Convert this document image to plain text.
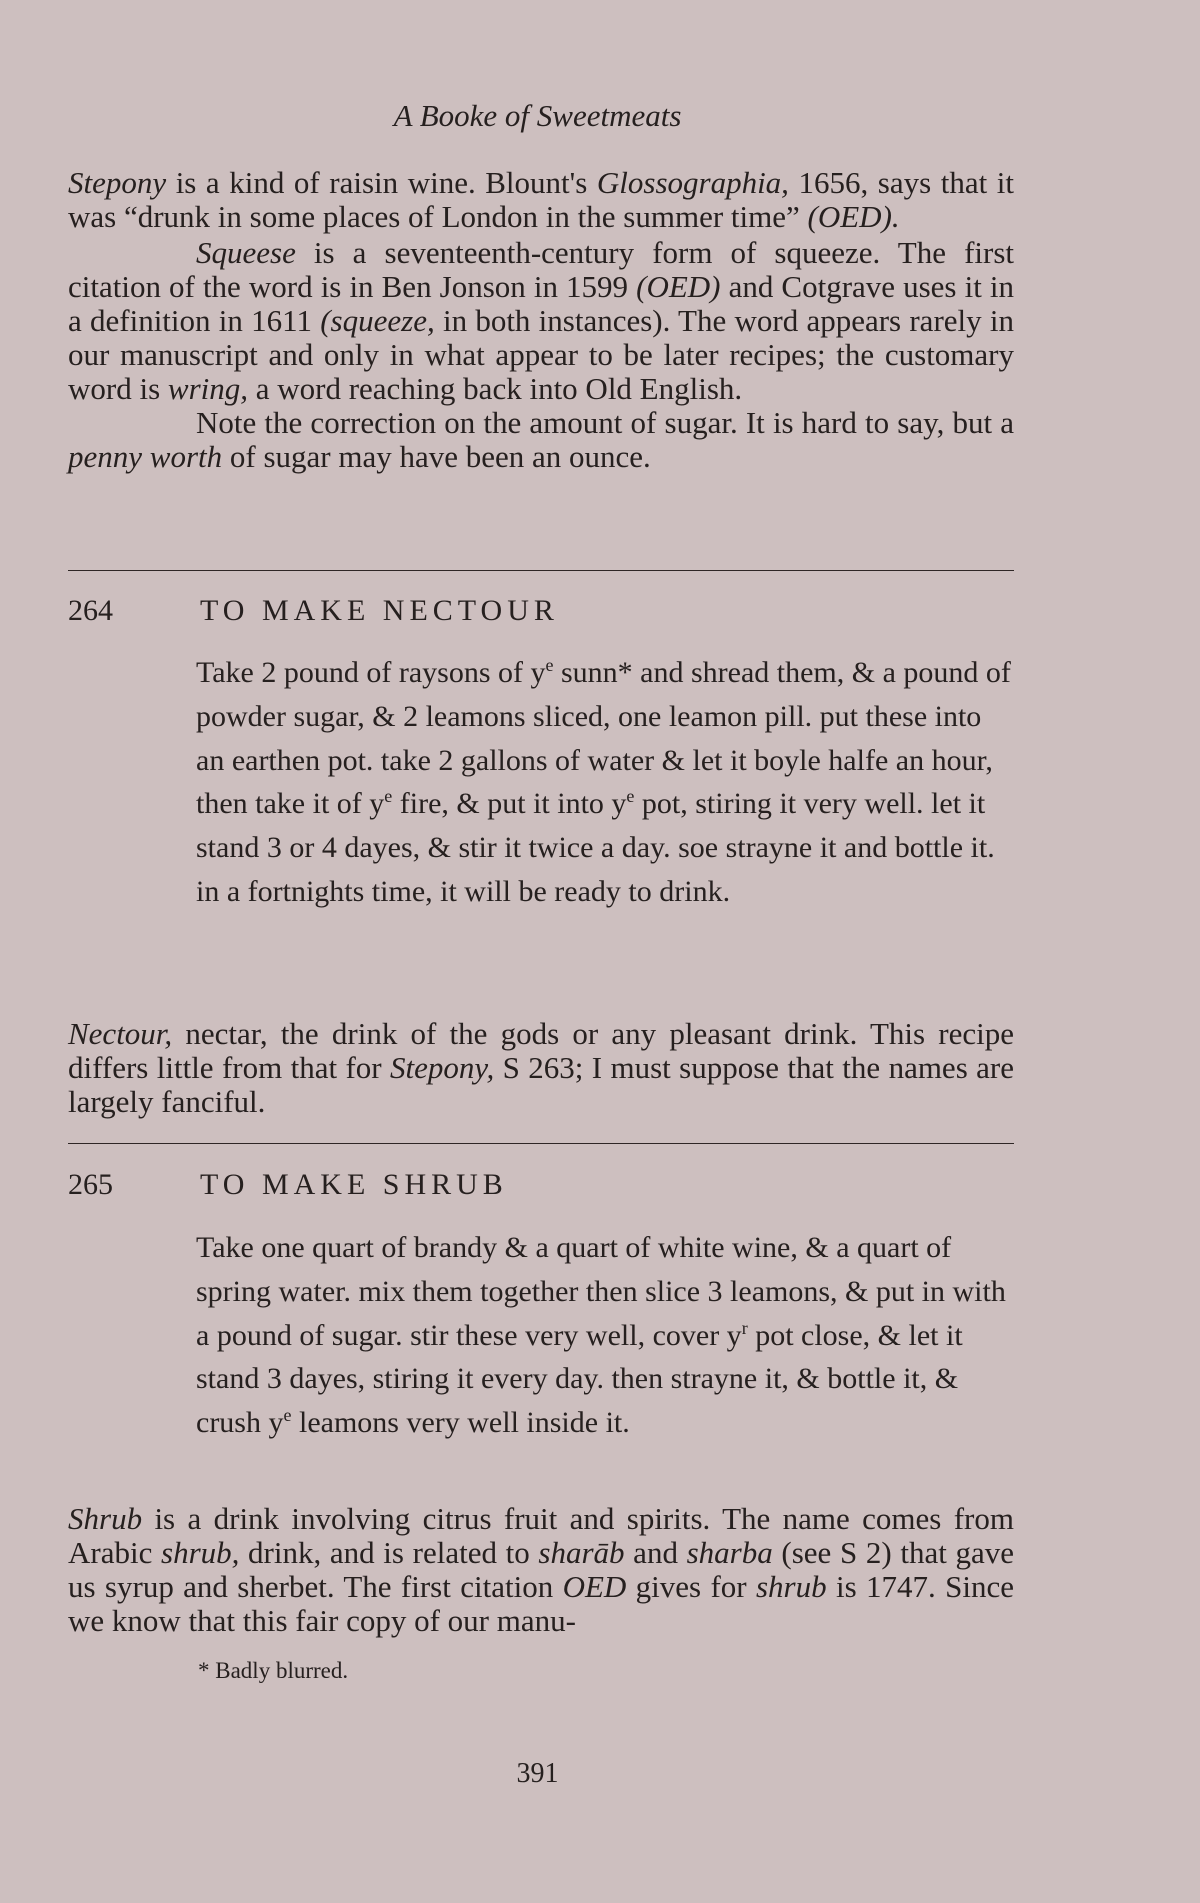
A Booke of Sweetmeats

Stepony is a kind of raisin wine. Blount's Glossographia, 1656, says that it was “drunk in some places of London in the summer time” (OED).

Squeese is a seventeenth-century form of squeeze. The first citation of the word is in Ben Jonson in 1599 (OED) and Cotgrave uses it in a definition in 1611 (squeeze, in both instances). The word appears rarely in our manuscript and only in what appear to be later recipes; the customary word is wring, a word reaching back into Old English.

Note the correction on the amount of sugar. It is hard to say, but a penny worth of sugar may have been an ounce.

264	TO MAKE NECTOUR

Take 2 pound of raysons of $y^e$ sunn* and shread them, & a pound of powder sugar, & 2 leamons sliced, one leamon pill. put these into an earthen pot. take 2 gallons of water & let it boyle halfe an hour, then take it of $y^e$ fire, & put it into $y^e$ pot, stiring it very well. let it stand 3 or 4 dayes, & stir it twice a day. soe strayne it and bottle it. in a fortnights time, it will be ready to drink.

Nectour, nectar, the drink of the gods or any pleasant drink. This recipe differs little from that for Stepony, S 263; I must suppose that the names are largely fanciful.

265	TO MAKE SHRUB

Take one quart of brandy & a quart of white wine, & a quart of spring water. mix them together then slice 3 leamons, & put in with a pound of sugar. stir these very well, cover $y^r$ pot close, & let it stand 3 dayes, stiring it every day. then strayne it, & bottle it, & crush $y^e$ leamons very well inside it.

Shrub is a drink involving citrus fruit and spirits. The name comes from Arabic shrub, drink, and is related to sharāb and sharba (see S 2) that gave us syrup and sherbet. The first citation OED gives for shrub is 1747. Since we know that this fair copy of our manu-

* Badly blurred.
391
